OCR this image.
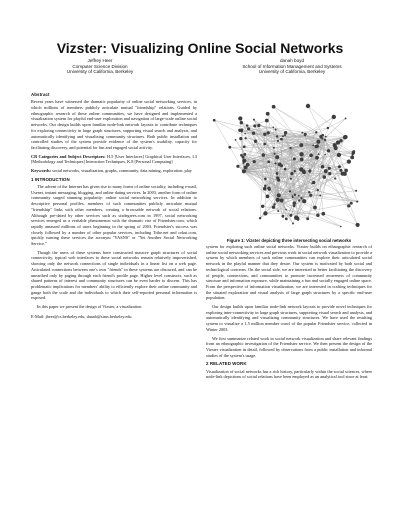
Vizster: Visualizing Online Social Networks
Jeffrey Heer
Computer Science Division
University of California, Berkeley
danah boyd
School of Information Management and Systems
University of California, Berkeley
Abstract

Recent years have witnessed the dramatic popularity of online social networking services, in which millions of members publicly articulate mutual "friendship" relations. Guided by ethnographic research of these online communities, we have designed and implemented a visualization system for playful end-user exploration and navigation of large-scale online social networks. Our design builds upon familiar node-link network layouts to contribute techniques for exploring connectivity in large graph structures, supporting visual search and analysis, and automatically identifying and visualizing community structures. Both public installation and controlled studies of the system provide evidence of the system's usability, capacity for facilitating discovery, and potential for fun and engaged social activity.

CR Categories and Subject Descriptors: H.5 [User Interfaces] Graphical User Interfaces, I.3 [Methodology and Techniques] Interaction Techniques, K.8 [Personal Computing]

Keywords: social networks, visualization, graphs, community, data mining, exploration, play

1 INTRODUCTION

The advent of the Internet has given rise to many forms of online sociality, including e-mail, Usenet, instant messaging, blogging, and online dating services. In 2003, another form of online community surged stunning popularity: online social networking services. In addition to descriptive personal profiles, members of such communities publicly articulate mutual "friendship" links with other members, creating a browsable network of social relations. Although pre-dated by other services such as sixdegrees.com in 1997, social networking services emerged as a veritable phenomenon with the dramatic rise of Friendster.com, which rapidly amassed millions of users beginning in the spring of 2003. Friendster's success was closely followed by a number of other popular services, including Tribe.net and orkut.com, quickly earning these services the acronym "YASNS" or "Yet Another Social Networking Service."

Though the users of these systems have constructed massive graph structures of social connectivity, typical web interfaces to these social networks remain relatively impoverished, showing only the network connections of single individuals in a linear list on a web page. Articulated connections between one's own "friends" in these systems are obscured, and can be unearthed only by paging through each friend's profile page. Higher level constructs, such as shared patterns of interest and community structures can be even harder to discern. This has problematic implications for members' ability to efficiently explore their online community and gauge both the scale and the individuals to which their self-reported personal information is exposed.

In this paper we present the design of Vizster, a visualization

E-Mail: jheer@cs.berkeley.edu, danah@sims.berkeley.edu
Figure 1: Vizster depicting three intersecting social networks

system for exploring such online social networks. Vizster builds on ethnographic research of online social networking services and previous work in social network visualization to provide a system by which members of such online communities can explore their articulated social network in the playful manner that they desire. Our system is motivated by both social and technological concerns. On the social side, we are interested in better facilitating the discovery of people, connections, and communities to promote increased awareness of community structure and information exposure, while maintaining a fun and socially engaged online space. From the perspective of information visualization, we are interested in crafting techniques for the situated exploration and visual analysis of large graph structures by a specific end-user population.

Our design builds upon familiar node-link network layouts to provide novel techniques for exploring inter-connectivity in large graph structures, supporting visual search and analysis, and automatically identifying and visualizing community structures. We have used the resulting system to visualize a 1.5 million member crawl of the popular Friendster service, collected in Winter 2003.

We first summarize related work in social network visualization and share relevant findings from an ethnographic investigation of the Friendster service. We then present the design of the Vizster visualization in detail, followed by observations from a public installation and informal studies of the system's usage.

2 RELATED WORK

Visualization of social networks has a rich history, particularly within the social sciences, where node-link depictions of social relations have been employed as an analytical tool since at least
